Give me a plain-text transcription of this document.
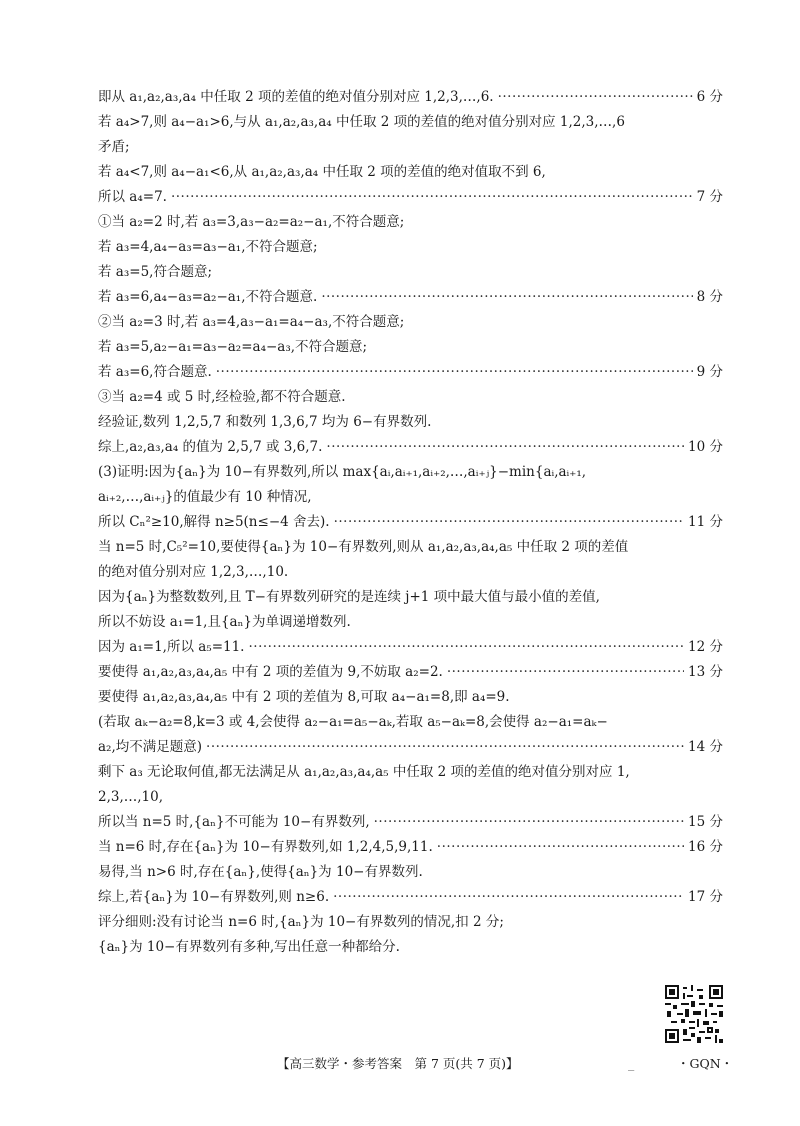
即从 a₁,a₂,a₃,a₄ 中任取 2 项的差值的绝对值分别对应 1,2,3,…,6. ·····	6 分
若 a₄>7,则 a₄−a₁>6,与从 a₁,a₂,a₃,a₄ 中任取 2 项的差值的绝对值分别对应 1,2,3,…,6
矛盾;
若 a₄<7,则 a₄−a₁<6,从 a₁,a₂,a₃,a₄ 中任取 2 项的差值的绝对值取不到 6,
所以 a₄=7. ·····	7 分
①当 a₂=2 时,若 a₃=3,a₃−a₂=a₂−a₁,不符合题意;
若 a₃=4,a₄−a₃=a₃−a₁,不符合题意;
若 a₃=5,符合题意;
若 a₃=6,a₄−a₃=a₂−a₁,不符合题意. ·····	8 分
②当 a₂=3 时,若 a₃=4,a₃−a₁=a₄−a₃,不符合题意;
若 a₃=5,a₂−a₁=a₃−a₂=a₄−a₃,不符合题意;
若 a₃=6,符合题意. ·····	9 分
③当 a₂=4 或 5 时,经检验,都不符合题意.
经验证,数列 1,2,5,7 和数列 1,3,6,7 均为 6−有界数列.
综上,a₂,a₃,a₄ 的值为 2,5,7 或 3,6,7. ·····	10 分
(3)证明:因为{aₙ}为 10−有界数列,所以 max{aᵢ,aᵢ₊₁,aᵢ₊₂,…,aᵢ₊ⱼ}−min{aᵢ,aᵢ₊₁,
aᵢ₊₂,…,aᵢ₊ⱼ}的值最少有 10 种情况,
所以 Cₙ²≥10,解得 n≥5(n≤−4 舍去). ·····	11 分
当 n=5 时,C₅²=10,要使得{aₙ}为 10−有界数列,则从 a₁,a₂,a₃,a₄,a₅ 中任取 2 项的差值
的绝对值分别对应 1,2,3,…,10.
因为{aₙ}为整数数列,且 T−有界数列研究的是连续 j+1 项中最大值与最小值的差值,
所以不妨设 a₁=1,且{aₙ}为单调递增数列.
因为 a₁=1,所以 a₅=11. ·····	12 分
要使得 a₁,a₂,a₃,a₄,a₅ 中有 2 项的差值为 9,不妨取 a₂=2. ·····	13 分
要使得 a₁,a₂,a₃,a₄,a₅ 中有 2 项的差值为 8,可取 a₄−a₁=8,即 a₄=9.
(若取 aₖ−a₂=8,k=3 或 4,会使得 a₂−a₁=a₅−aₖ,若取 a₅−aₖ=8,会使得 a₂−a₁=aₖ−
a₂,均不满足题意) ·····	14 分
剩下 a₃ 无论取何值,都无法满足从 a₁,a₂,a₃,a₄,a₅ 中任取 2 项的差值的绝对值分别对应 1,
2,3,…,10,
所以当 n=5 时,{aₙ}不可能为 10−有界数列, ·····	15 分
当 n=6 时,存在{aₙ}为 10−有界数列,如 1,2,4,5,9,11. ·····	16 分
易得,当 n>6 时,存在{aₙ},使得{aₙ}为 10−有界数列.
综上,若{aₙ}为 10−有界数列,则 n≥6. ·····	17 分
评分细则:没有讨论当 n=6 时,{aₙ}为 10−有界数列的情况,扣 2 分;
{aₙ}为 10−有界数列有多种,写出任意一种都给分.
【高三数学・参考答案　第 7 页(共 7 页)】	_	・GQN・
